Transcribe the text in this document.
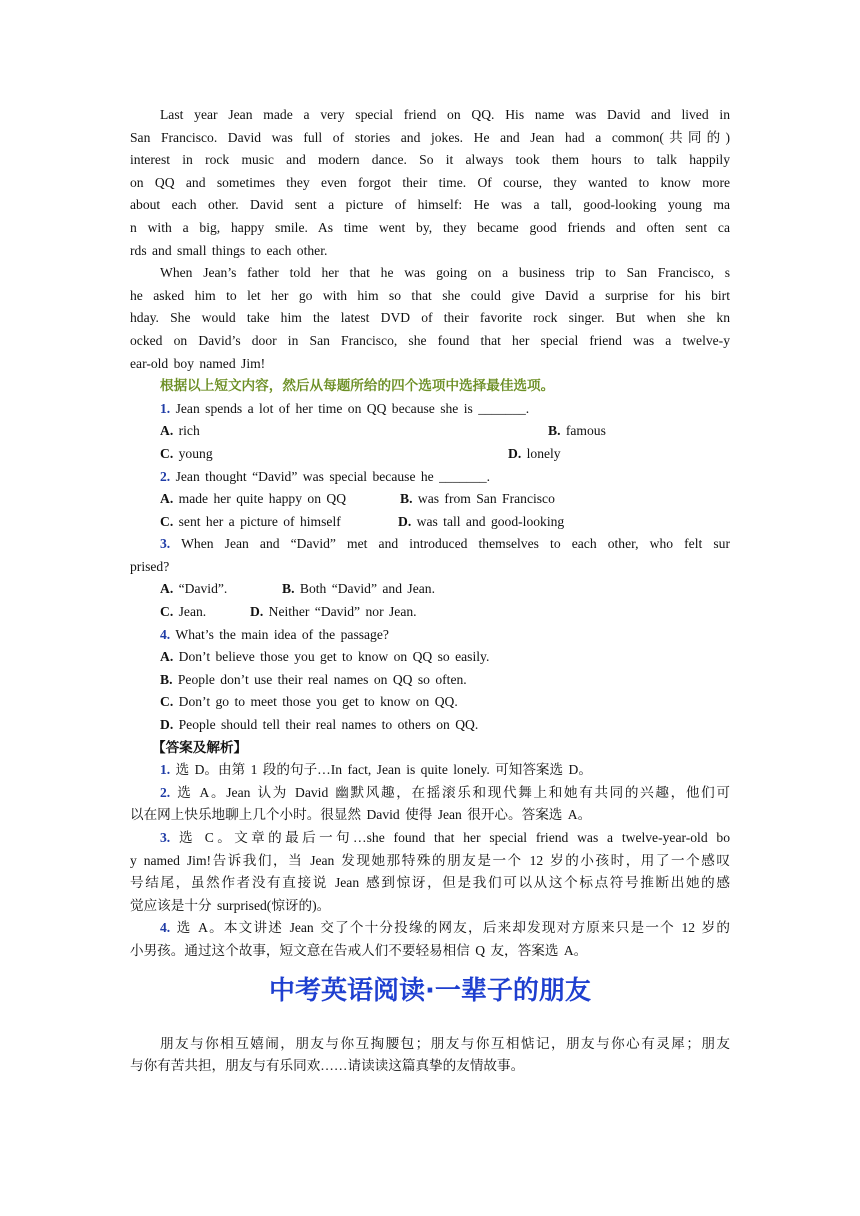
Last year Jean made a very special friend on QQ. His name was David and lived in
San Francisco. David was full of stories and jokes. He and Jean had a common(共同的)
interest in rock music and modern dance. So it always took them hours to talk happily
on QQ and sometimes they even forgot their time. Of course, they wanted to know more
about each other. David sent a picture of himself: He was a tall, good-looking young ma
n with a big, happy smile. As time went by, they became good friends and often sent ca
rds and small things to each other.
When Jean’s father told her that he was going on a business trip to San Francisco, s
he asked him to let her go with him so that she could give David a surprise for his birt
hday. She would take him the latest DVD of their favorite rock singer. But when she kn
ocked on David’s door in San Francisco, she found that her special friend was a twelve-y
ear-old boy named Jim!
根据以上短文内容，然后从每题所给的四个选项中选择最佳选项。
1. Jean spends a lot of her time on QQ because she is _______.
A. rich	B. famous
C. young	D. lonely
2. Jean thought “David” was special because he _______.
A. made her quite happy on QQ	B. was from San Francisco
C. sent her a picture of himself	D. was tall and good-looking
3. When Jean and “David” met and introduced themselves to each other, who felt sur
prised?
A. “David”.	B. Both “David” and Jean.
C. Jean.	D. Neither “David” nor Jean.
4. What’s the main idea of the passage?
A. Don’t believe those you get to know on QQ so easily.
B. People don’t use their real names on QQ so often.
C. Don’t go to meet those you get to know on QQ.
D. People should tell their real names to others on QQ.
【答案及解析】
1. 选 D。由第 1 段的句子…In fact, Jean is quite lonely. 可知答案选 D。
2. 选 A。Jean 认为 David 幽默风趣，在摇滚乐和现代舞上和她有共同的兴趣，他们可
以在网上快乐地聊上几个小时。很显然 David 使得 Jean 很开心。答案选 A。
3. 选 C。文章的最后一句…she found that her special friend was a twelve-year-old bo
y named Jim!告诉我们，当 Jean 发现她那特殊的朋友是一个 12 岁的小孩时，用了一个感叹
号结尾，虽然作者没有直接说 Jean 感到惊讶，但是我们可以从这个标点符号推断出她的感
觉应该是十分 surprised(惊讶的)。
4. 选 A。本文讲述 Jean 交了个十分投缘的网友，后来却发现对方原来只是一个 12 岁的
小男孩。通过这个故事，短文意在告戒人们不要轻易相信 Q 友，答案选 A。
中考英语阅读·一辈子的朋友
朋友与你相互嬉闹，朋友与你互掏腰包；朋友与你互相惦记，朋友与你心有灵犀；朋友
与你有苦共担，朋友与有乐同欢……请读读这篇真挚的友情故事。
